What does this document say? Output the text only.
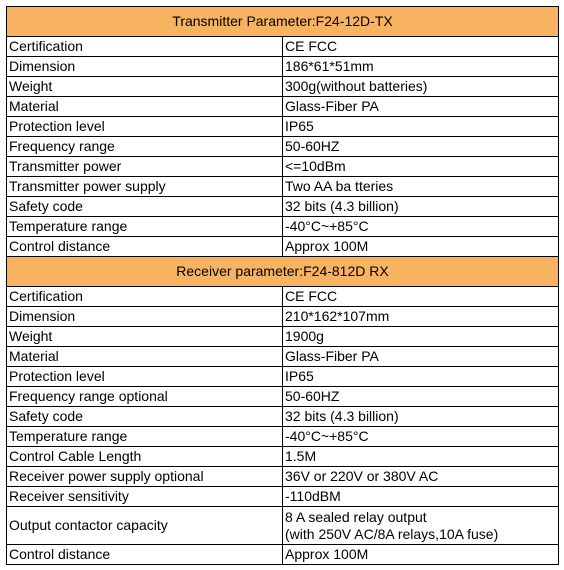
Transmitter Parameter:F24-12D-TX	
Certification	CE FCC
Dimension	186*61*51mm
Weight	300g(without batteries)
Material	Glass-Fiber PA
Protection level	IP65
Frequency range	50-60HZ
Transmitter power	<=10dBm
Transmitter power supply	Two AA ba tteries
Safety code	32 bits (4.3 billion)
Temperature range	-40°C~+85°C
Control distance	Approx 100M
Receiver parameter:F24-812D RX	
Certification	CE FCC
Dimension	210*162*107mm
Weight	1900g
Material	Glass-Fiber PA
Protection level	IP65
Frequency range optional	50-60HZ
Safety code	32 bits (4.3 billion)
Temperature range	-40°C~+85°C
Control Cable Length	1.5M
Receiver power supply optional	36V or 220V or 380V AC
Receiver sensitivity	-110dBM
Output contactor capacity	8 A sealed relay output
(with 250V AC/8A relays,10A fuse)

Control distance	Approx 100M
